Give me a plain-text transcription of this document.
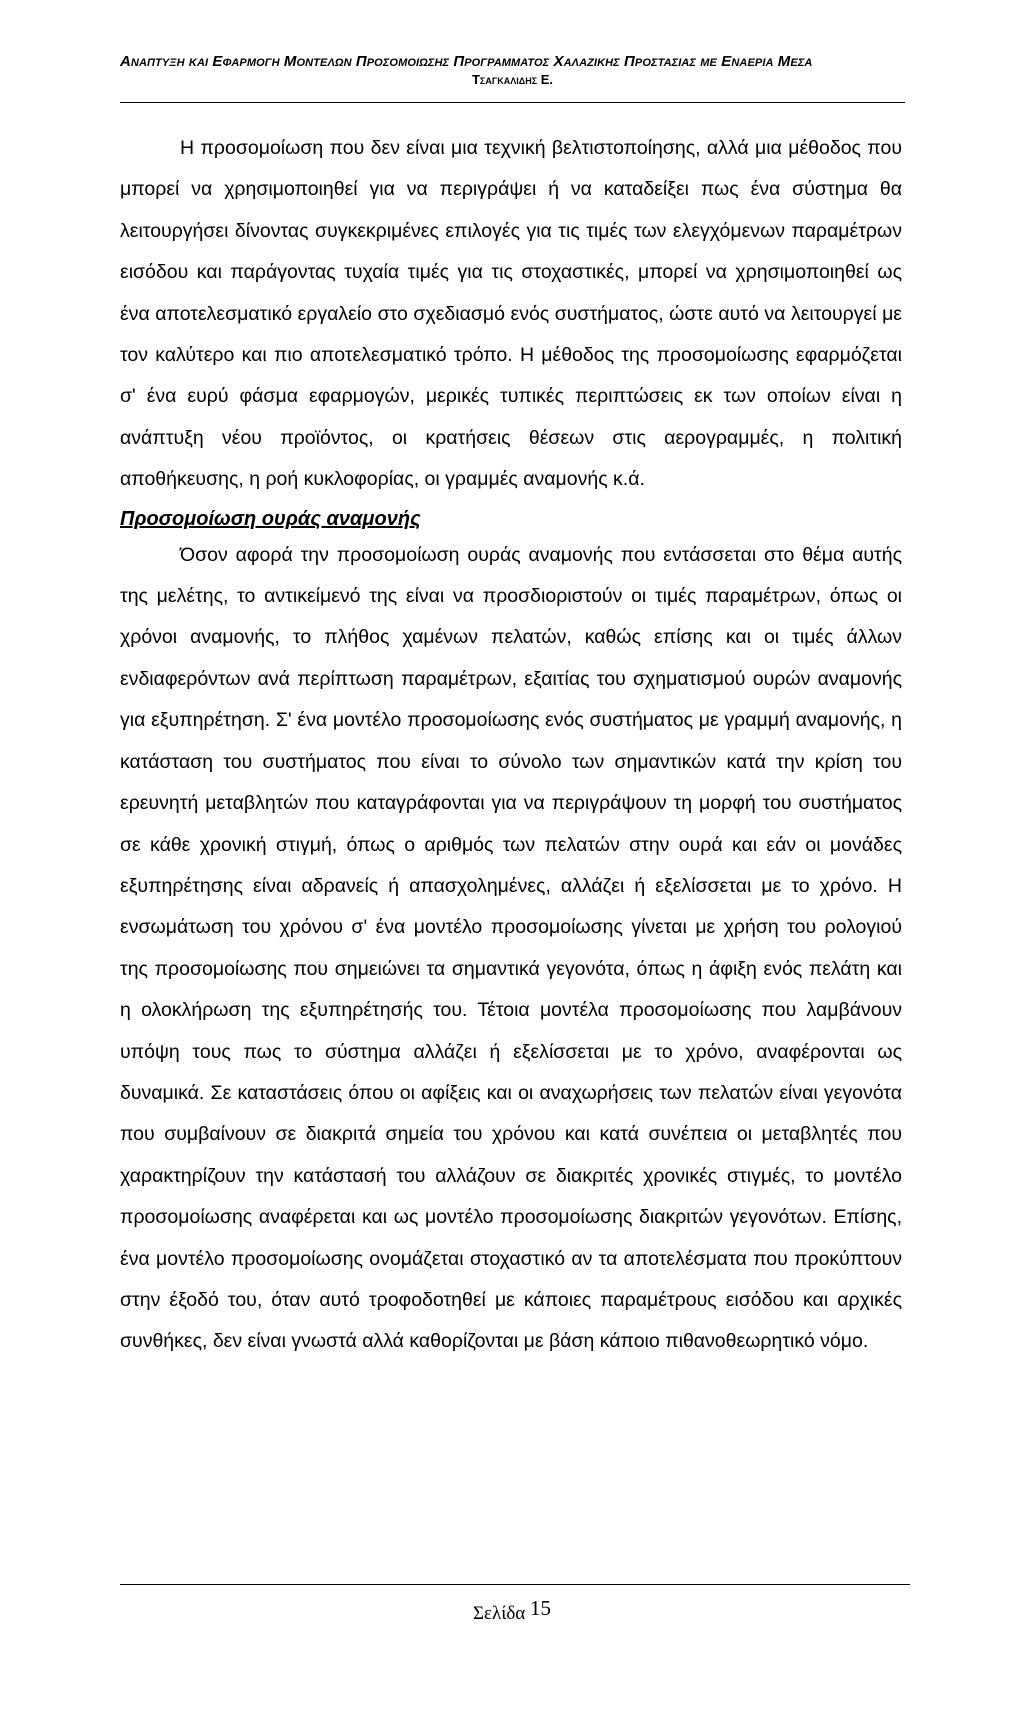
Αναπτυξη και Εφαρμογη Μοντελων Προσομοιωσης Προγραμματος Χαλαζικης Προστασιας με Εναερια Μεσα
Τσαγκαλιδης Ε.

Η προσομοίωση που δεν είναι μια τεχνική βελτιστοποίησης, αλλά μια μέθοδος που μπορεί να χρησιμοποιηθεί για να περιγράψει ή να καταδείξει πως ένα σύστημα θα λειτουργήσει δίνοντας συγκεκριμένες επιλογές για τις τιμές των ελεγχόμενων παραμέτρων εισόδου και παράγοντας τυχαία τιμές για τις στοχαστικές, μπορεί να χρησιμοποιηθεί ως ένα αποτελεσματικό εργαλείο στο σχεδιασμό ενός συστήματος, ώστε αυτό να λειτουργεί με τον καλύτερο και πιο αποτελεσματικό τρόπο. Η μέθοδος της προσομοίωσης εφαρμόζεται σ' ένα ευρύ φάσμα εφαρμογών, μερικές τυπικές περιπτώσεις εκ των οποίων είναι η ανάπτυξη νέου προϊόντος, οι κρατήσεις θέσεων στις αερογραμμές, η πολιτική αποθήκευσης, η ροή κυκλοφορίας, οι γραμμές αναμονής κ.ά.

Προσομοίωση ουράς αναμονής

Όσον αφορά την προσομοίωση ουράς αναμονής που εντάσσεται στο θέμα αυτής της μελέτης, το αντικείμενό της είναι να προσδιοριστούν οι τιμές παραμέτρων, όπως οι χρόνοι αναμονής, το πλήθος χαμένων πελατών, καθώς επίσης και οι τιμές άλλων ενδιαφερόντων ανά περίπτωση παραμέτρων, εξαιτίας του σχηματισμού ουρών αναμονής για εξυπηρέτηση. Σ' ένα μοντέλο προσομοίωσης ενός συστήματος με γραμμή αναμονής, η κατάσταση του συστήματος που είναι το σύνολο των σημαντικών κατά την κρίση του ερευνητή μεταβλητών που καταγράφονται για να περιγράψουν τη μορφή του συστήματος σε κάθε χρονική στιγμή, όπως ο αριθμός των πελατών στην ουρά και εάν οι μονάδες εξυπηρέτησης είναι αδρανείς ή απασχολημένες, αλλάζει ή εξελίσσεται με το χρόνο. Η ενσωμάτωση του χρόνου σ' ένα μοντέλο προσομοίωσης γίνεται με χρήση του ρολογιού της προσομοίωσης που σημειώνει τα σημαντικά γεγονότα, όπως η άφιξη ενός πελάτη και η ολοκλήρωση της εξυπηρέτησής του. Τέτοια μοντέλα προσομοίωσης που λαμβάνουν υπόψη τους πως το σύστημα αλλάζει ή εξελίσσεται με το χρόνο, αναφέρονται ως δυναμικά. Σε καταστάσεις όπου οι αφίξεις και οι αναχωρήσεις των πελατών είναι γεγονότα που συμβαίνουν σε διακριτά σημεία του χρόνου και κατά συνέπεια οι μεταβλητές που χαρακτηρίζουν την κατάστασή του αλλάζουν σε διακριτές χρονικές στιγμές, το μοντέλο προσομοίωσης αναφέρεται και ως μοντέλο προσομοίωσης διακριτών γεγονότων. Επίσης, ένα μοντέλο προσομοίωσης ονομάζεται στοχαστικό αν τα αποτελέσματα που προκύπτουν στην έξοδό του, όταν αυτό τροφοδοτηθεί με κάποιες παραμέτρους εισόδου και αρχικές συνθήκες, δεν είναι γνωστά αλλά καθορίζονται με βάση κάποιο πιθανοθεωρητικό νόμο.

Σελίδα 15
